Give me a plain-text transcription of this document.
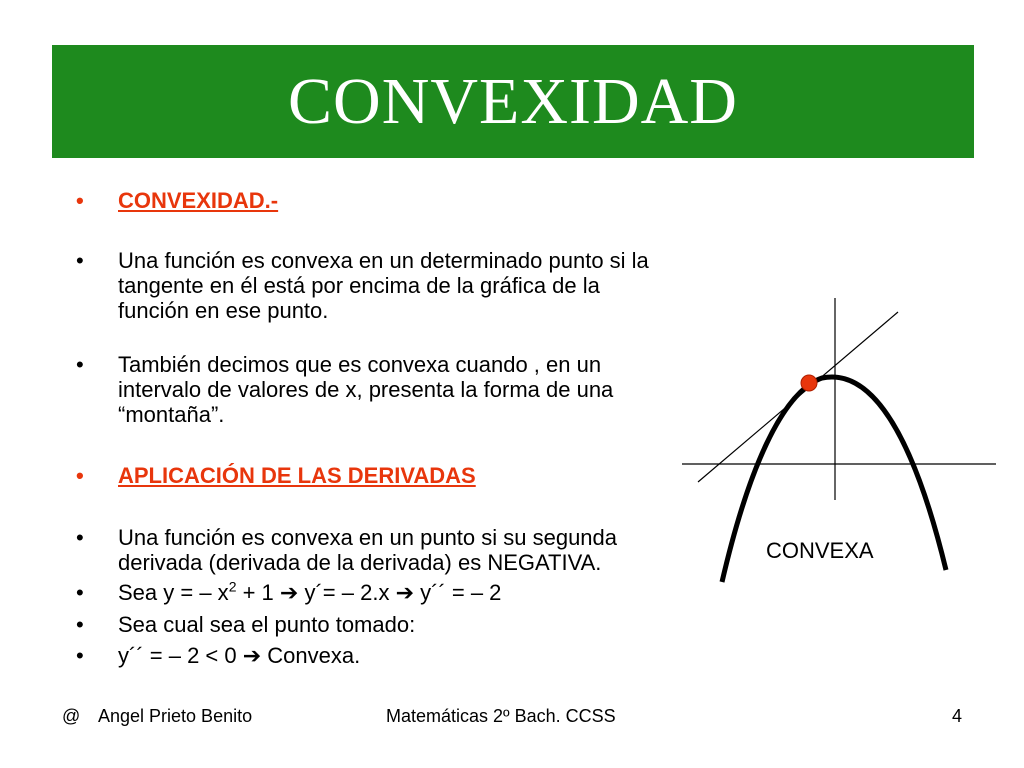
CONVEXIDAD
• CONVEXIDAD.-
• Una función es convexa en un determinado punto si la
tangente en él está por encima de la gráfica de la
función en ese punto.
• También decimos que es convexa cuando , en un
intervalo de valores de x, presenta la forma de una
“montaña”.
• APLICACIÓN DE LAS DERIVADAS
• Una función es convexa en un punto si su segunda
derivada (derivada de la derivada) es NEGATIVA.
• Sea y = – $x^2 + 1$ ➔ y´= – 2.x ➔ y´´ = – 2
• Sea cual sea el punto tomado:
• y´´ = – 2 < 0 ➔ Convexa.
CONVEXA
@ Angel Prieto Benito	Matemáticas 2º Bach. CCSS	4
